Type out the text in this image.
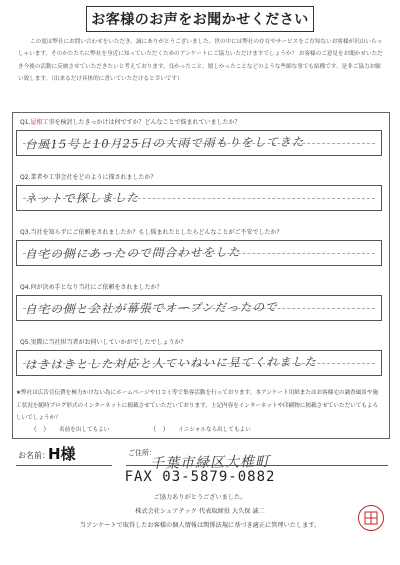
お客様のお声をお聞かせください

この度は弊社にお問い合わせをいただき、誠にありがとうございました。世の中には弊社の存在やサービスをご存知ないお客様が沢山いらっしゃいます。そのかたたちに弊社を身近に知っていただくためのアンケートにご協力いただけますでしょうか？ お客様のご意見をお聞かせいただき今後の活動に反映させていただきたいと考えております。良かったこと、嬉しかったことなどのような些細な事でも結構です。是非ご協力お願い致します。（出来るだけ具体的に書いていただけると幸いです）

Q1.屋根工事を検討したきっかけは何ですか？どんなことで悩まれていましたか？
台風15号と10月25日の大雨で雨もりをしてきた
Q2.業者や工事会社をどのように探されましたか？
ネットで探しました
Q3.当社を知らずにご依頼をされましたか？もし悩まれたとしたらどんなことがご不安でしたか？
自宅の側にあったので問合わせをした
Q4.何が決め手となり当社にご依頼をされましたか？
自宅の側と会社が幕張でオープンだったので
Q5.実際に当社担当者がお伺いしていかがでしたでしょうか？
はきはきとした対応と人ていねいに見てくれました

★弊社は広告宣伝費を極力かけない為にホームページや口コミ等で集客活動を行っております。本アンケート用紙またはお客様宅の調査風景や施工状況を随時ブログ形式のインターネットに掲載させていただいております。上記内容をインターネットや印刷物に掲載させていただいてもよろしいでしょうか？

（） 名前を出してもよい	（） イニシャルなら出してもよい
お名前：
H様	ご住所：
千葉市緑区大椎町
FAX 03-5879-0882
ご協力ありがとうございました。
株式会社シェアテック 代表取締役 大久保 誠二
当アンケートで取得したお客様の個人情報は関係法規に基づき適正に管理いたします。
